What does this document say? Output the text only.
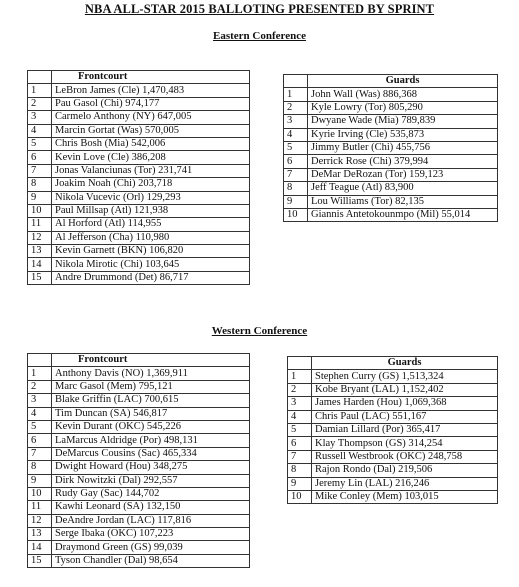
NBA ALL-STAR 2015 BALLOTING PRESENTED BY SPRINT
Eastern Conference
	Frontcourt
1	LeBron James (Cle) 1,470,483
2	Pau Gasol (Chi) 974,177
3	Carmelo Anthony (NY) 647,005
4	Marcin Gortat (Was) 570,005
5	Chris Bosh (Mia) 542,006
6	Kevin Love (Cle) 386,208
7	Jonas Valanciunas (Tor) 231,741
8	Joakim Noah (Chi) 203,718
9	Nikola Vucevic (Orl) 129,293
10	Paul Millsap (Atl) 121,938
11	Al Horford (Atl) 114,955
12	Al Jefferson (Cha) 110,980
13	Kevin Garnett (BKN) 106,820
14	Nikola Mirotic (Chi) 103,645
15	Andre Drummond (Det) 86,717
	Guards
1	John Wall (Was) 886,368
2	Kyle Lowry (Tor) 805,290
3	Dwyane Wade (Mia) 789,839
4	Kyrie Irving (Cle) 535,873
5	Jimmy Butler (Chi) 455,756
6	Derrick Rose (Chi) 379,994
7	DeMar DeRozan (Tor) 159,123
8	Jeff Teague (Atl) 83,900
9	Lou Williams (Tor) 82,135
10	Giannis Antetokounmpo (Mil) 55,014
Western Conference
	Frontcourt
1	Anthony Davis (NO) 1,369,911
2	Marc Gasol (Mem) 795,121
3	Blake Griffin (LAC) 700,615
4	Tim Duncan (SA) 546,817
5	Kevin Durant (OKC) 545,226
6	LaMarcus Aldridge (Por) 498,131
7	DeMarcus Cousins (Sac) 465,334
8	Dwight Howard (Hou) 348,275
9	Dirk Nowitzki (Dal) 292,557
10	Rudy Gay (Sac) 144,702
11	Kawhi Leonard (SA) 132,150
12	DeAndre Jordan (LAC) 117,816
13	Serge Ibaka (OKC) 107,223
14	Draymond Green (GS) 99,039
15	Tyson Chandler (Dal) 98,654
	Guards
1	Stephen Curry (GS) 1,513,324
2	Kobe Bryant (LAL) 1,152,402
3	James Harden (Hou) 1,069,368
4	Chris Paul (LAC) 551,167
5	Damian Lillard (Por) 365,417
6	Klay Thompson (GS) 314,254
7	Russell Westbrook (OKC) 248,758
8	Rajon Rondo (Dal) 219,506
9	Jeremy Lin (LAL) 216,246
10	Mike Conley (Mem) 103,015
